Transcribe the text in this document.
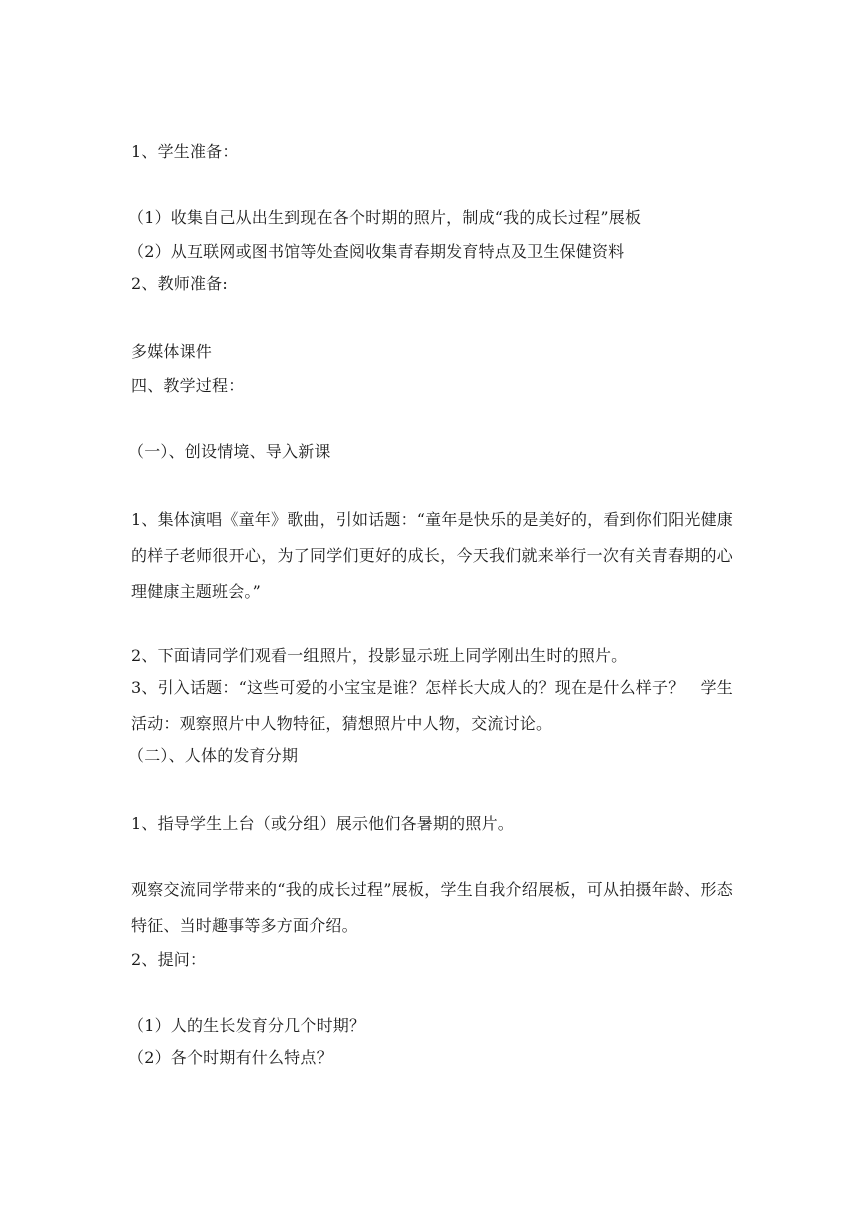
1、学生准备：

（1）收集自己从出生到现在各个时期的照片，制成“我的成长过程”展板

（2）从互联网或图书馆等处查阅收集青春期发育特点及卫生保健资料

2、教师准备:

多媒体课件

四、教学过程：

（一）、创设情境、导入新课

1、集体演唱《童年》歌曲，引如话题：“童年是快乐的是美好的，看到你们阳光健康的样子老师很开心，为了同学们更好的成长，今天我们就来举行一次有关青春期的心理健康主题班会。”

2、下面请同学们观看一组照片，投影显示班上同学刚出生时的照片。

3、引入话题：“这些可爱的小宝宝是谁？怎样长大成人的？现在是什么样子？　学生活动：观察照片中人物特征，猜想照片中人物，交流讨论。

（二）、人体的发育分期

1、指导学生上台（或分组）展示他们各暑期的照片。

观察交流同学带来的“我的成长过程”展板，学生自我介绍展板，可从拍摄年龄、形态特征、当时趣事等多方面介绍。

2、提问：

（1）人的生长发育分几个时期？

（2）各个时期有什么特点？
